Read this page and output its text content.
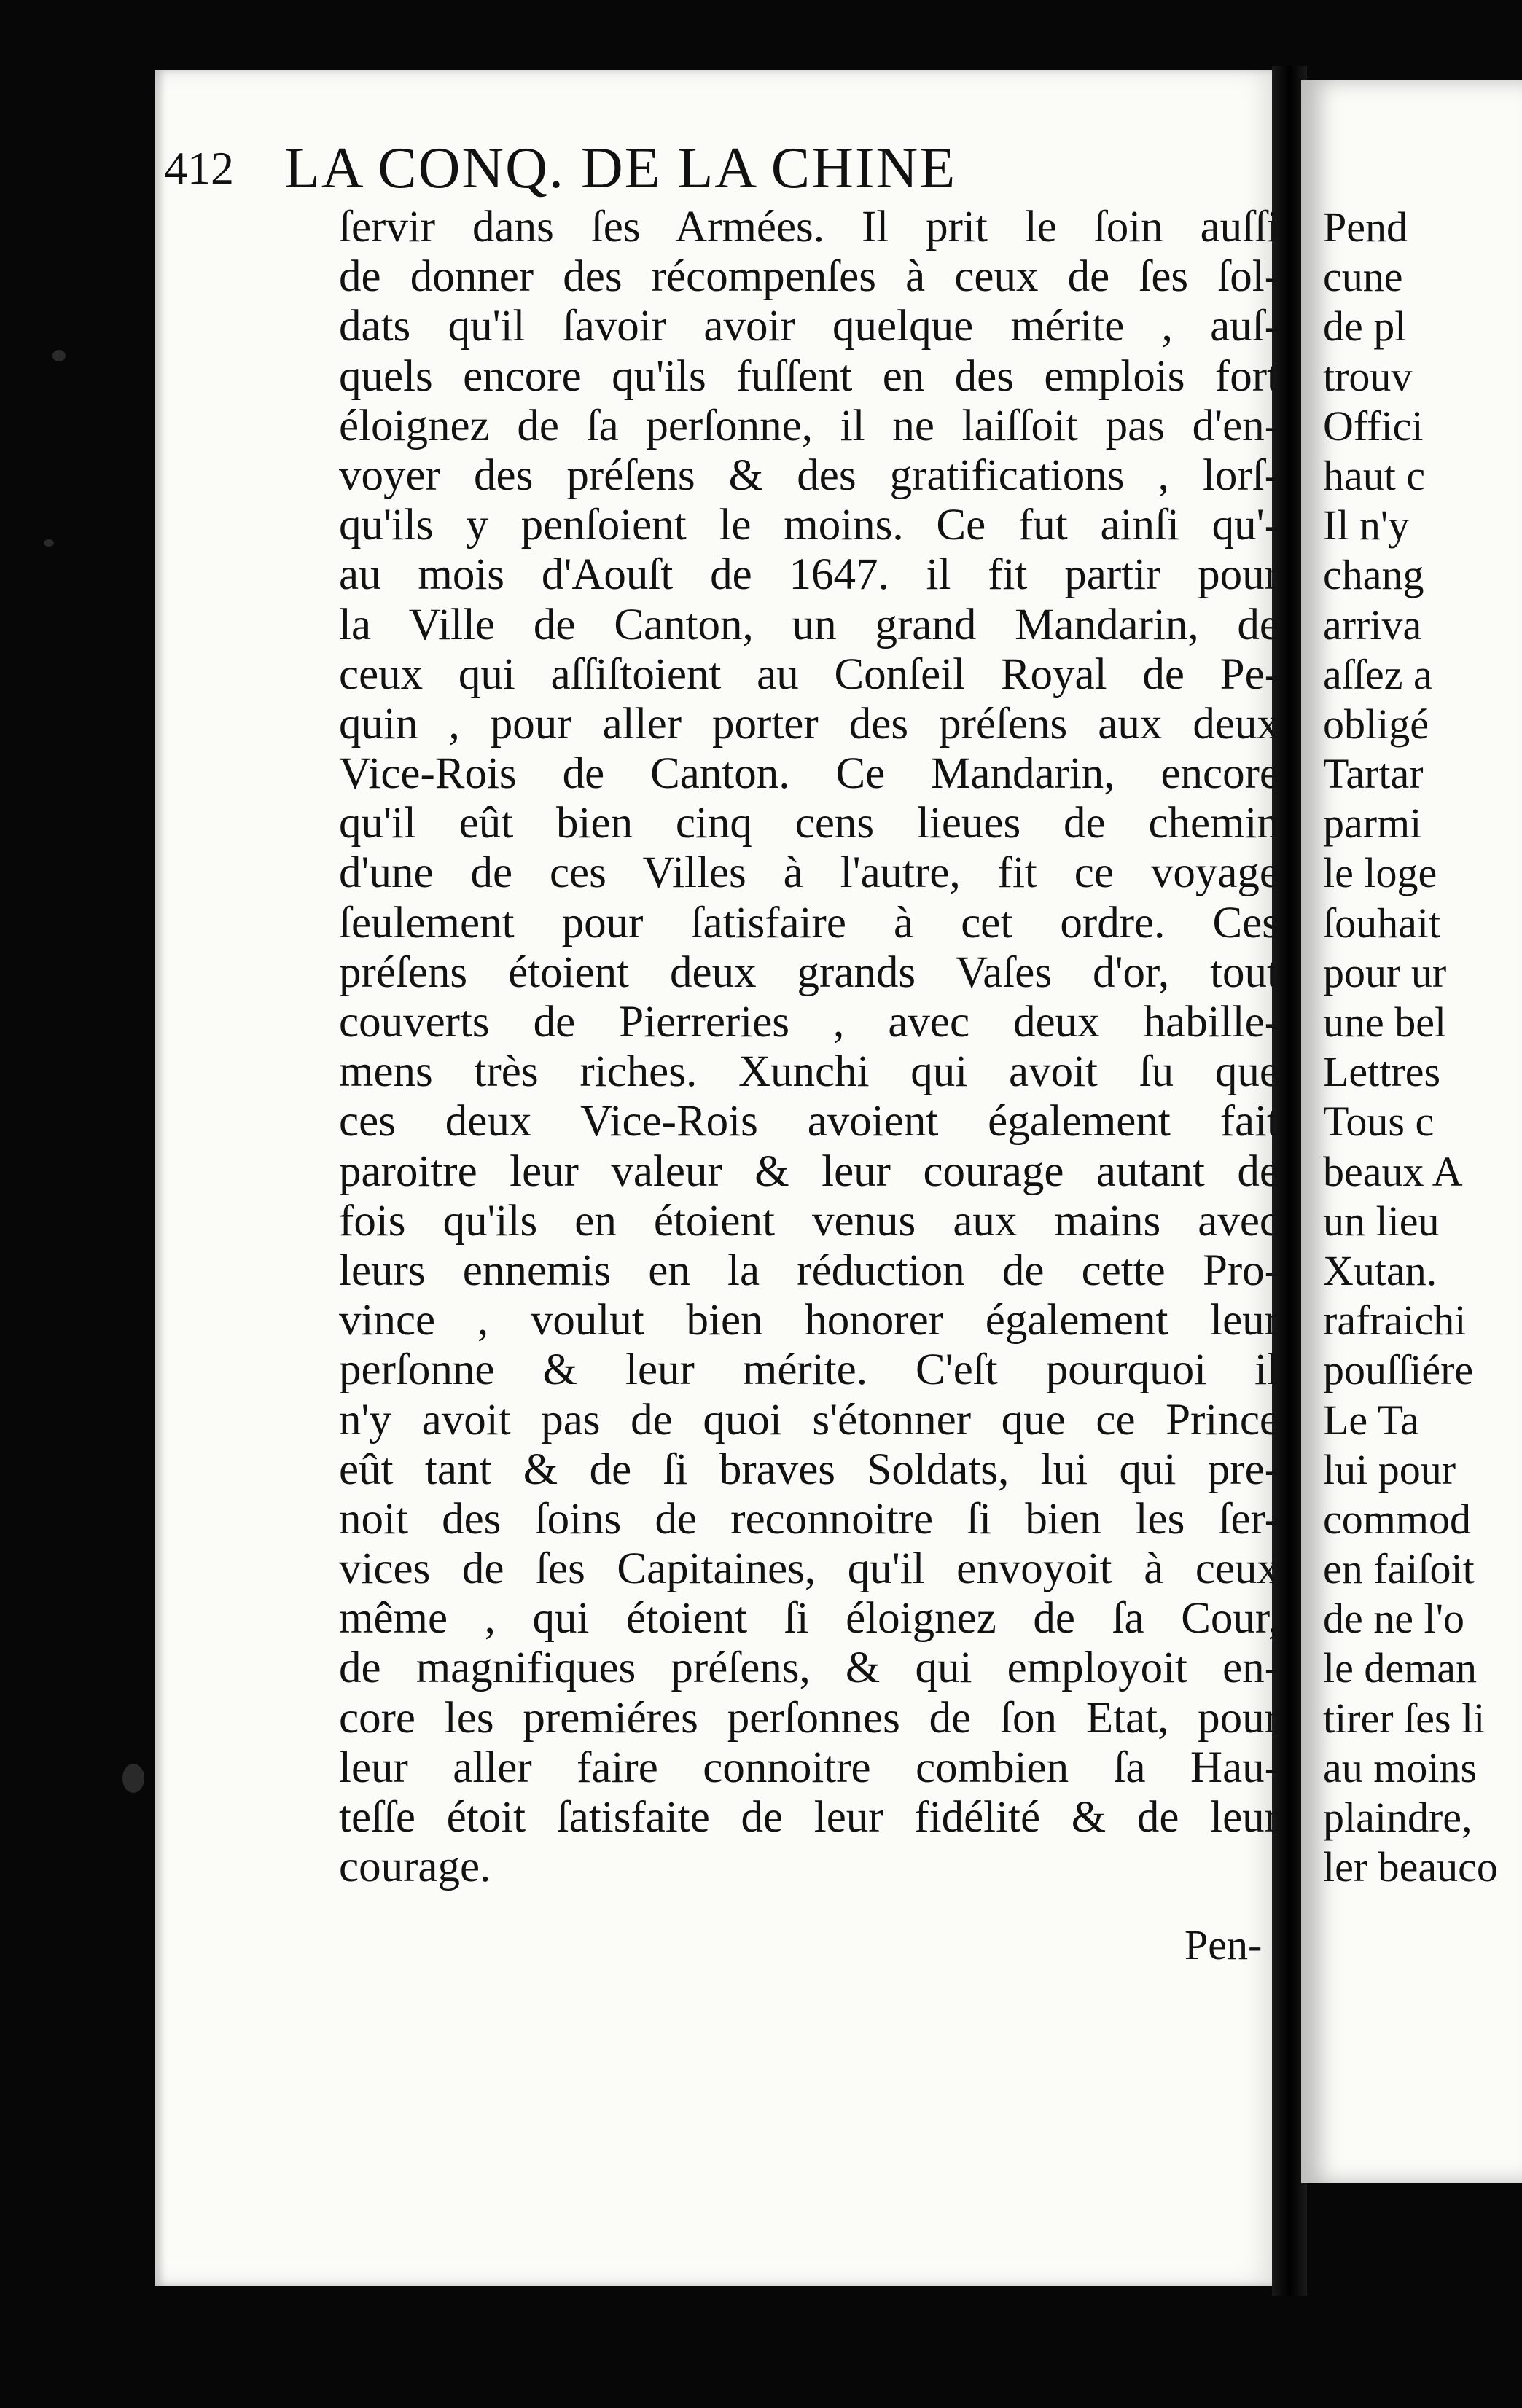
412 LA CONQ. DE LA CHINE
ſervir dans ſes Armées. Il prit le ſoin auſſi
de donner des récompenſes à ceux de ſes ſol-
dats qu'il ſavoir avoir quelque mérite , auſ-
quels encore qu'ils fuſſent en des emplois fort
éloignez de ſa perſonne, il ne laiſſoit pas d'en-
voyer des préſens & des gratifications , lorſ-
qu'ils y penſoient le moins. Ce fut ainſi qu'-
au mois d'Aouſt de 1647. il fit partir pour
la Ville de Canton, un grand Mandarin, de
ceux qui aſſiſtoient au Conſeil Royal de Pe-
quin , pour aller porter des préſens aux deux
Vice-Rois de Canton. Ce Mandarin, encore
qu'il eût bien cinq cens lieues de chemin
d'une de ces Villes à l'autre, fit ce voyage
ſeulement pour ſatisfaire à cet ordre. Ces
préſens étoient deux grands Vaſes d'or, tout
couverts de Pierreries , avec deux habille-
mens très riches. Xunchi qui avoit ſu que
ces deux Vice-Rois avoient également fait
paroitre leur valeur & leur courage autant de
fois qu'ils en étoient venus aux mains avec
leurs ennemis en la réduction de cette Pro-
vince , voulut bien honorer également leur
perſonne & leur mérite. C'eſt pourquoi il
n'y avoit pas de quoi s'étonner que ce Prince
eût tant & de ſi braves Soldats, lui qui pre-
noit des ſoins de reconnoitre ſi bien les ſer-
vices de ſes Capitaines, qu'il envoyoit à ceux
même , qui étoient ſi éloignez de ſa Cour,
de magnifiques préſens, & qui employoit en-
core les premiéres perſonnes de ſon Etat, pour
leur aller faire connoitre combien ſa Hau-
teſſe étoit ſatisfaite de leur fidélité & de leur
courage.
Pen-
Pend
cune
de pl
trouv
Offici
haut c
Il n'y
chang
arriva
aſſez a
obligé
Tartar
parmi
le loge
ſouhait
pour ur
une bel
Lettres
Tous c
beaux A
un lieu
Xutan.
rafraichi
pouſſiére
Le Ta
lui pour
commod
en faiſoit
de ne l'o
le deman
tirer ſes li
au moins
plaindre,
ler beauco
